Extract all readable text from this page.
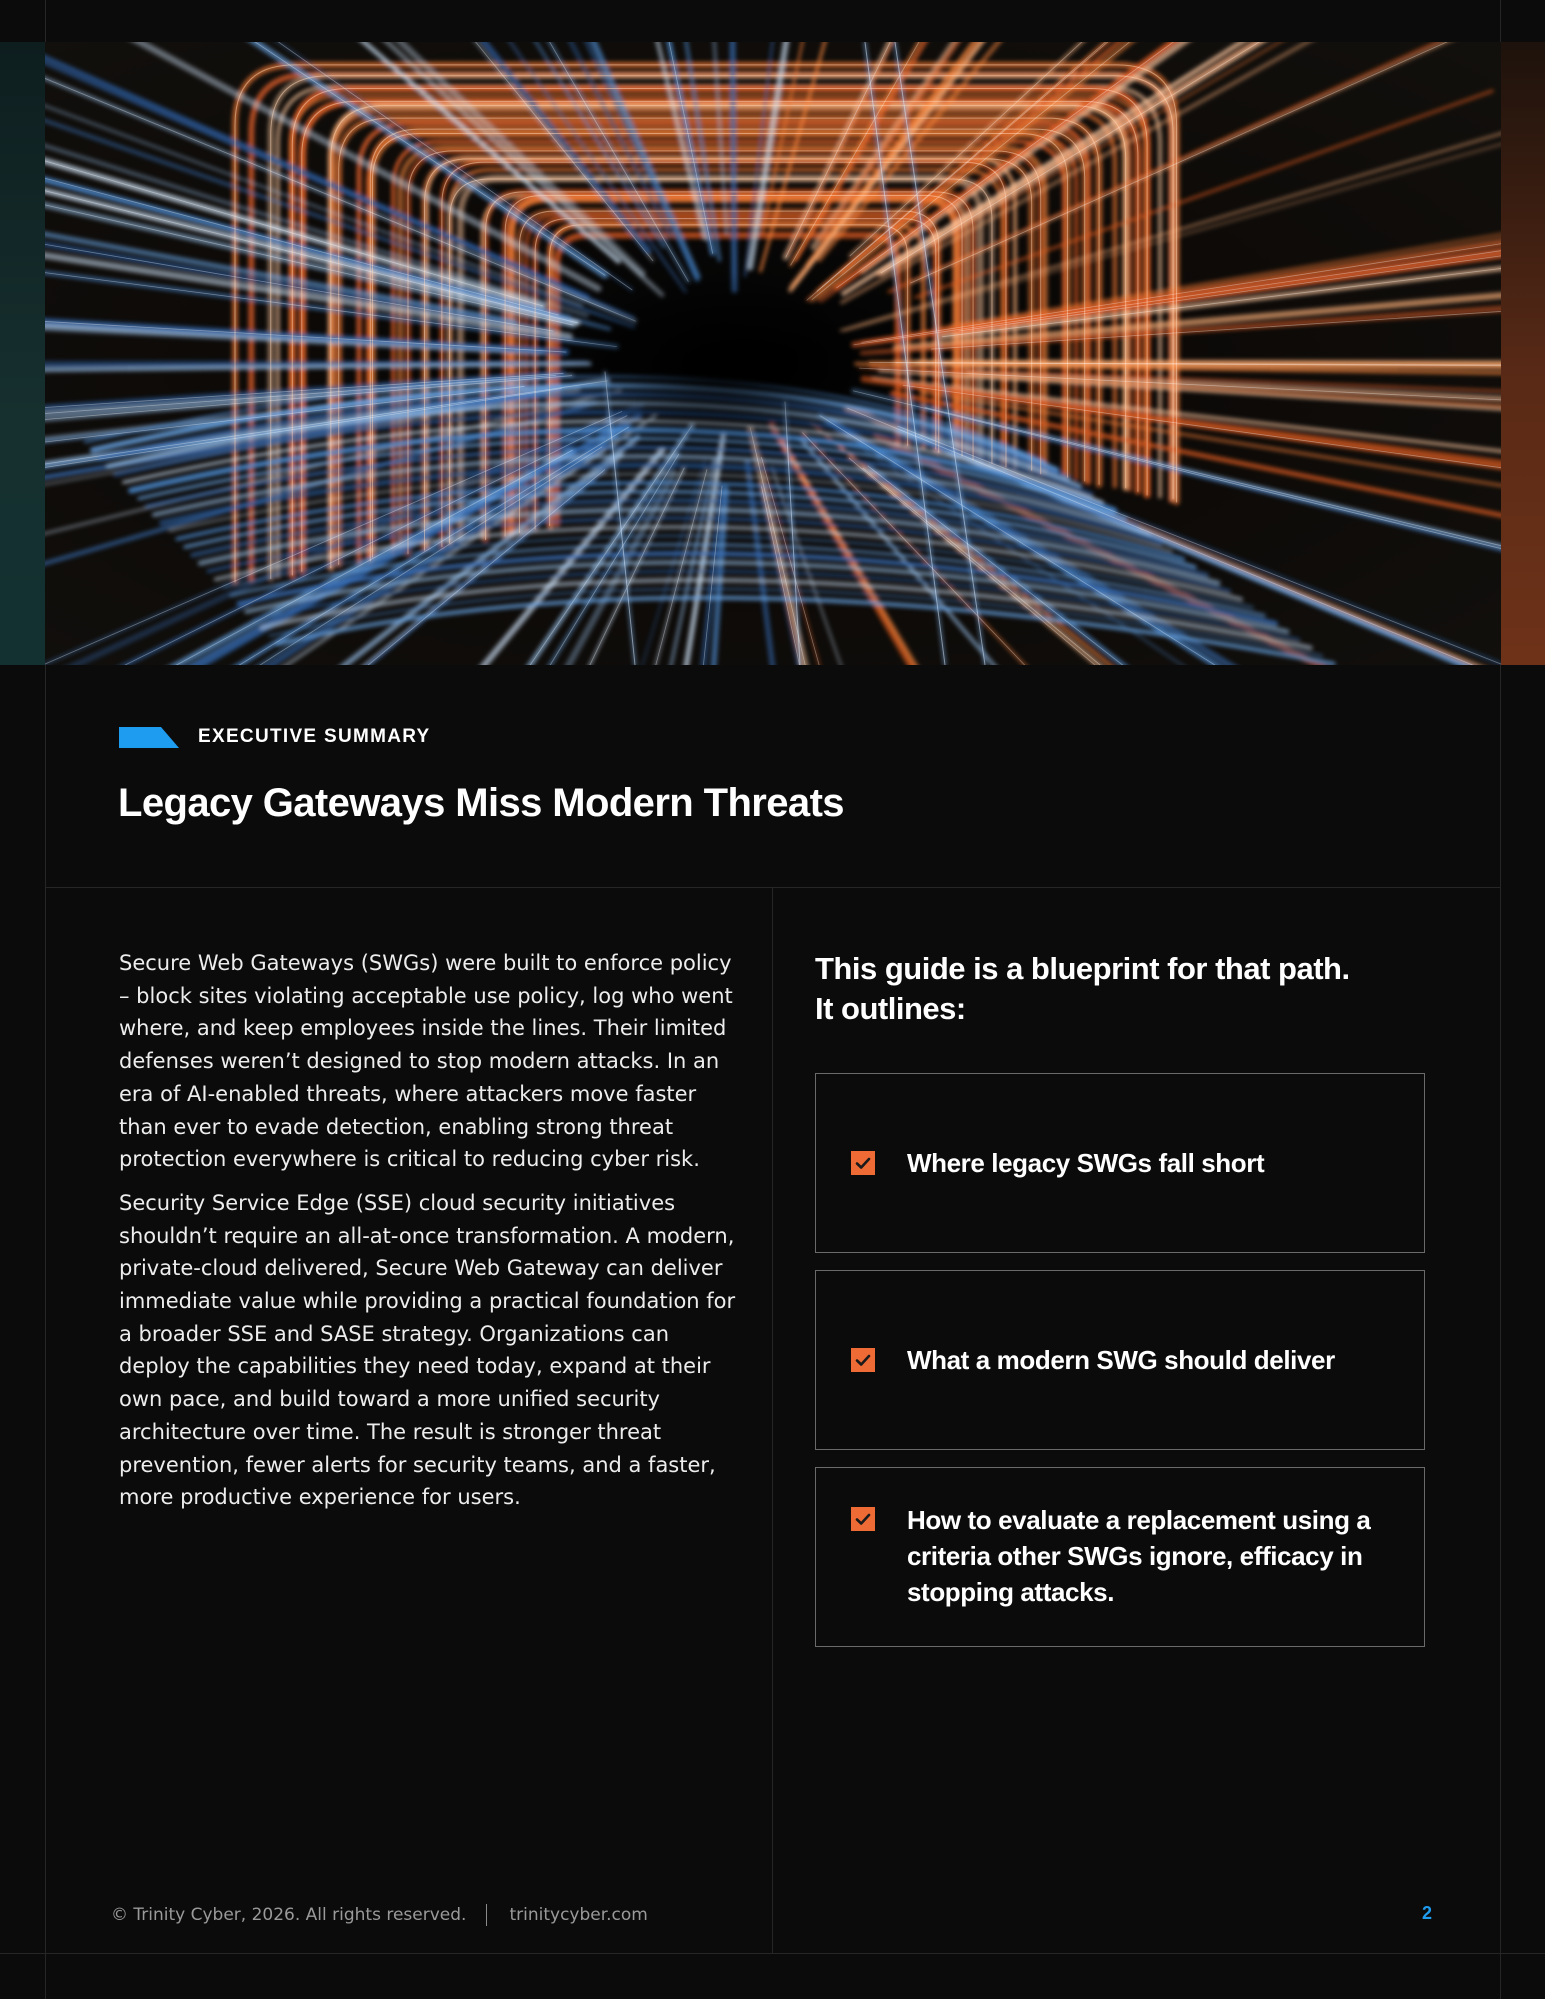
EXECUTIVE SUMMARY
Legacy Gateways Miss Modern Threats

Secure Web Gateways (SWGs) were built to enforce policy – block sites violating acceptable use policy, log who went where, and keep employees inside the lines. Their limited defenses weren’t designed to stop modern attacks. In an era of AI-enabled threats, where attackers move faster than ever to evade detection, enabling strong threat protection everywhere is critical to reducing cyber risk.

Security Service Edge (SSE) cloud security initiatives shouldn’t require an all-at-once transformation. A modern, private-cloud delivered, Secure Web Gateway can deliver immediate value while providing a practical foundation for a broader SSE and SASE strategy. Organizations can deploy the capabilities they need today, expand at their own pace, and build toward a more unified security architecture over time. The result is stronger threat prevention, fewer alerts for security teams, and a faster, more productive experience for users.

This guide is a blueprint for that path.
It outlines:
Where legacy SWGs fall short
What a modern SWG should deliver
How to evaluate a replacement using a criteria other SWGs ignore, efficacy in stopping attacks.
© Trinity Cyber, 2026. All rights reserved.	trinitycyber.com	2
